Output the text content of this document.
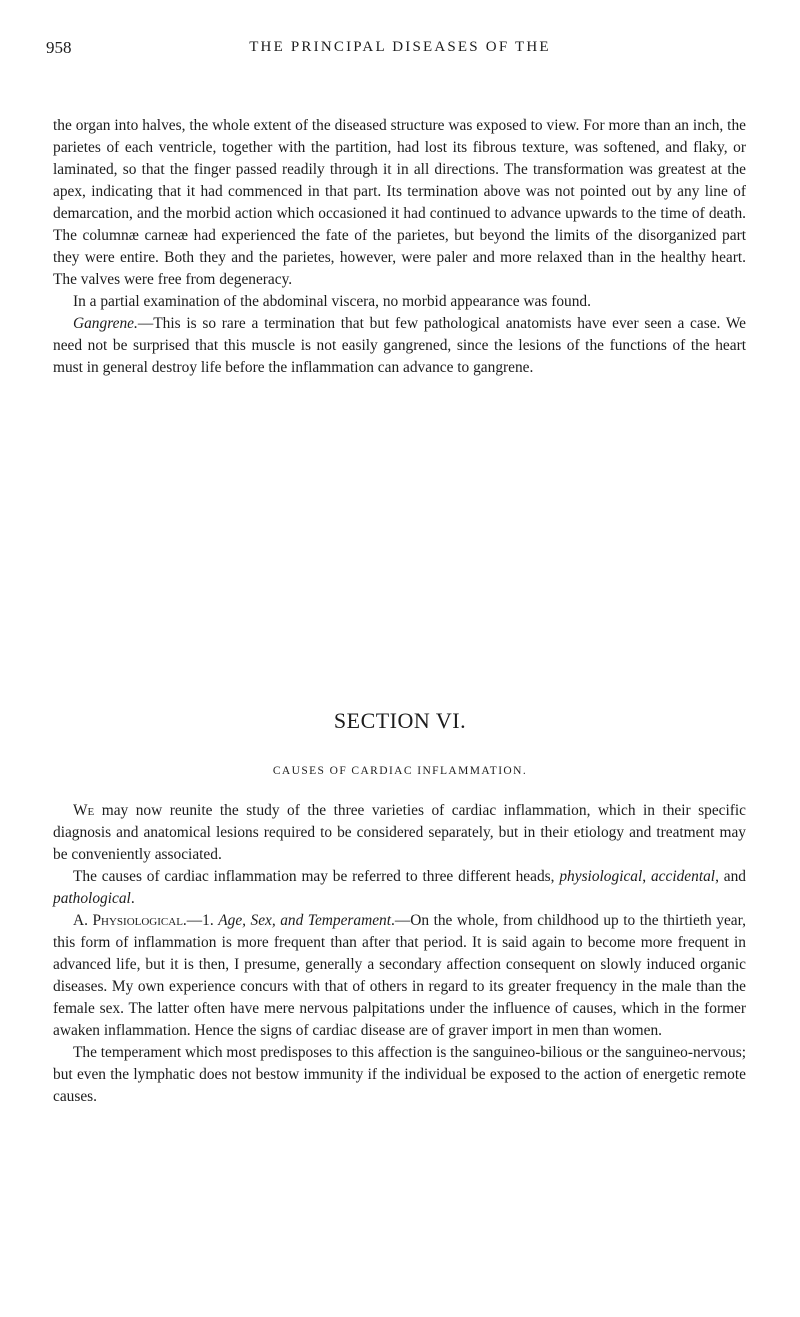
958	THE PRINCIPAL DISEASES OF THE

the organ into halves, the whole extent of the diseased structure was exposed to view. For more than an inch, the parietes of each ventricle, together with the partition, had lost its fibrous texture, was softened, and flaky, or laminated, so that the finger passed readily through it in all directions. The transformation was greatest at the apex, indicating that it had commenced in that part. Its termination above was not pointed out by any line of demarcation, and the morbid action which occasioned it had continued to advance upwards to the time of death. The columnæ carneæ had experienced the fate of the parietes, but beyond the limits of the disorganized part they were entire. Both they and the parietes, however, were paler and more relaxed than in the healthy heart. The valves were free from degeneracy.

In a partial examination of the abdominal viscera, no morbid appearance was found.

Gangrene.—This is so rare a termination that but few pathological anatomists have ever seen a case. We need not be surprised that this muscle is not easily gangrened, since the lesions of the functions of the heart must in general destroy life before the inflammation can advance to gangrene.

SECTION VI.
CAUSES OF CARDIAC INFLAMMATION.

We may now reunite the study of the three varieties of cardiac inflammation, which in their specific diagnosis and anatomical lesions required to be considered separately, but in their etiology and treatment may be conveniently associated.

The causes of cardiac inflammation may be referred to three different heads, physiological, accidental, and pathological.

A. Physiological.—1. Age, Sex, and Temperament.—On the whole, from childhood up to the thirtieth year, this form of inflammation is more frequent than after that period. It is said again to become more frequent in advanced life, but it is then, I presume, generally a secondary affection consequent on slowly induced organic diseases. My own experience concurs with that of others in regard to its greater frequency in the male than the female sex. The latter often have mere nervous palpitations under the influence of causes, which in the former awaken inflammation. Hence the signs of cardiac disease are of graver import in men than women.

The temperament which most predisposes to this affection is the sanguineo-bilious or the sanguineo-nervous; but even the lymphatic does not bestow immunity if the individual be exposed to the action of energetic remote causes.
